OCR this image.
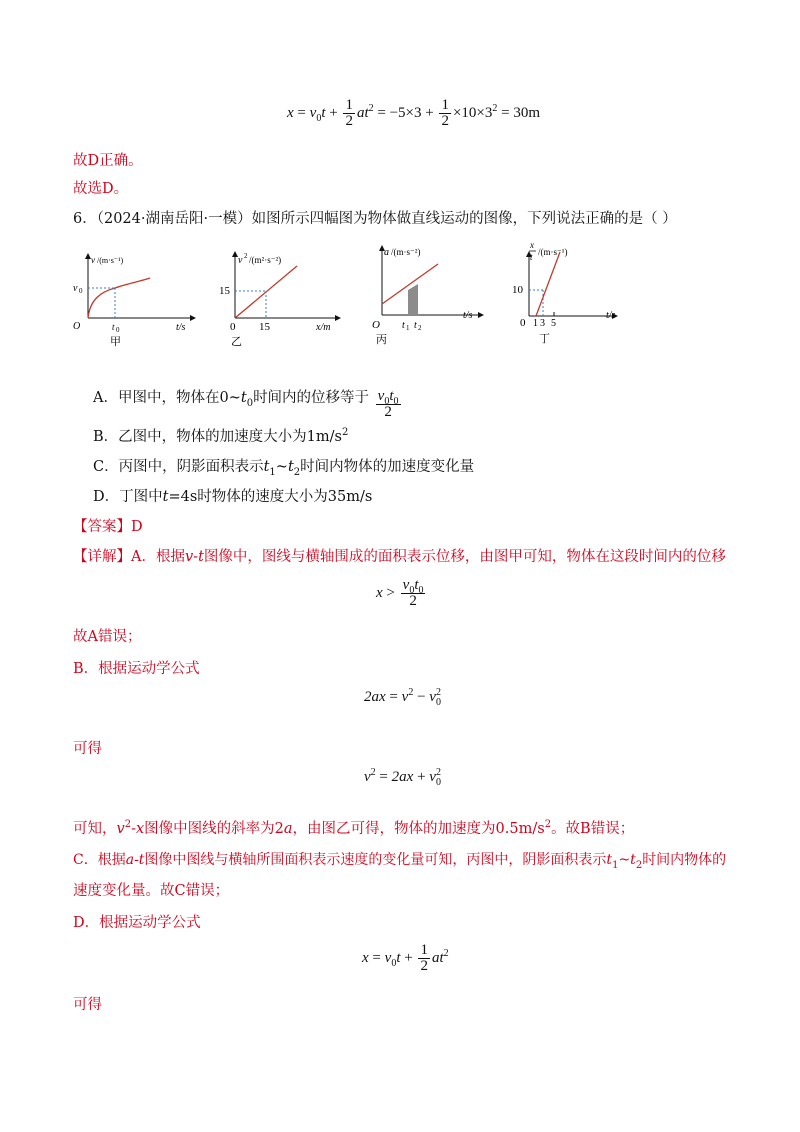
$x = v_0t + \frac{1}{2} at^2 = -5\times 3 + \frac{1}{2} \times 10\times 3^2 = 30m$
故D正确。
故选D。
6．（2024·湖南岳阳·一模）如图所示四幅图为物体做直线运动的图像，下列说法正确的是（ ）
v /(m·s⁻¹)
v 0
t 0
O	t/s
甲
v 2 /(m²·s⁻²)
15
15
0	x/m
乙
a /(m·s⁻²)
t 1 t 2
O
t/s
丙
x
t /(m·s⁻¹)
10
1 3 5
0
t/s
丁
A．甲图中，物体在$0\sim t_0$时间内的位移等于 $\frac{v_0t_0}{2}$
B．乙图中，物体的加速度大小为$1m/s^2$
C．丙图中，阴影面积表示$t_1\sim t_2$时间内物体的加速度变化量
D．丁图中t=4s时物体的速度大小为35m/s
【答案】D
【详解】A．根据v-t图像中，图线与横轴围成的面积表示位移，由图甲可知，物体在这段时间内的位移
$x > \frac{v_0t_0}{2}$
故A错误；
B．根据运动学公式
$2ax = v^2 - v_0^2$
可得
$v^2 = 2ax + v_0^2$
可知，$v^2-x$图像中图线的斜率为2a，由图乙可得，物体的加速度为$0.5m/s^2$。故B错误；
C．根据a-t图像中图线与横轴所围面积表示速度的变化量可知，丙图中，阴影面积表示$t_1\sim t_2$时间内物体的
速度变化量。故C错误；
D．根据运动学公式
$x = v_0t + \frac{1}{2} at^2$
可得
